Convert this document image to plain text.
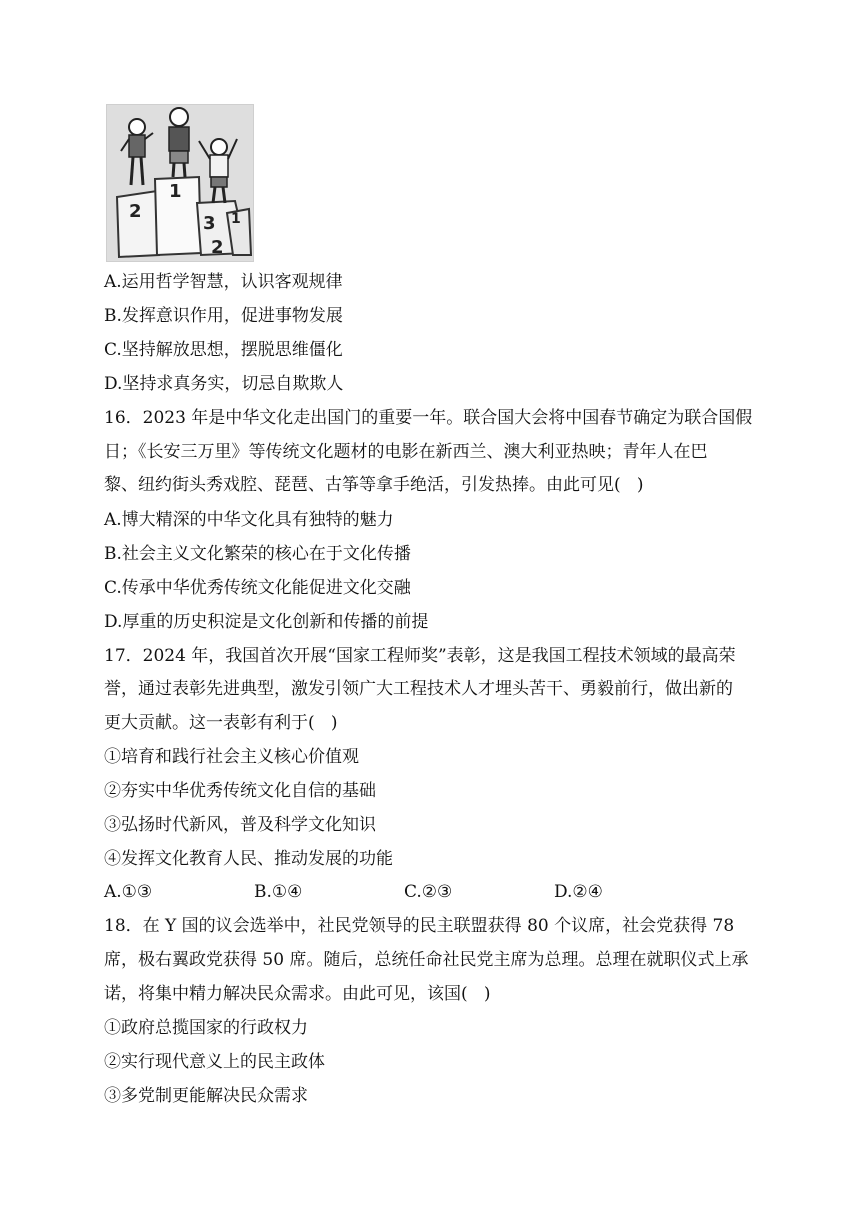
2
1
3
2
1
A.运用哲学智慧，认识客观规律
B.发挥意识作用，促进事物发展
C.坚持解放思想，摆脱思维僵化
D.坚持求真务实，切忌自欺欺人
16．2023 年是中华文化走出国门的重要一年。联合国大会将中国春节确定为联合国假
日；《长安三万里》等传统文化题材的电影在新西兰、澳大利亚热映；青年人在巴
黎、纽约街头秀戏腔、琵琶、古筝等拿手绝活，引发热捧。由此可见(   )
A.博大精深的中华文化具有独特的魅力
B.社会主义文化繁荣的核心在于文化传播
C.传承中华优秀传统文化能促进文化交融
D.厚重的历史积淀是文化创新和传播的前提
17．2024 年，我国首次开展“国家工程师奖”表彰，这是我国工程技术领域的最高荣
誉，通过表彰先进典型，激发引领广大工程技术人才埋头苦干、勇毅前行，做出新的
更大贡献。这一表彰有利于(   )
①培育和践行社会主义核心价值观
②夯实中华优秀传统文化自信的基础
③弘扬时代新风，普及科学文化知识
④发挥文化教育人民、推动发展的功能
A.①③	B.①④	C.②③	D.②④
18．在 Y 国的议会选举中，社民党领导的民主联盟获得 80 个议席，社会党获得 78
席，极右翼政党获得 50 席。随后，总统任命社民党主席为总理。总理在就职仪式上承
诺，将集中精力解决民众需求。由此可见，该国(   )
①政府总揽国家的行政权力
②实行现代意义上的民主政体
③多党制更能解决民众需求
